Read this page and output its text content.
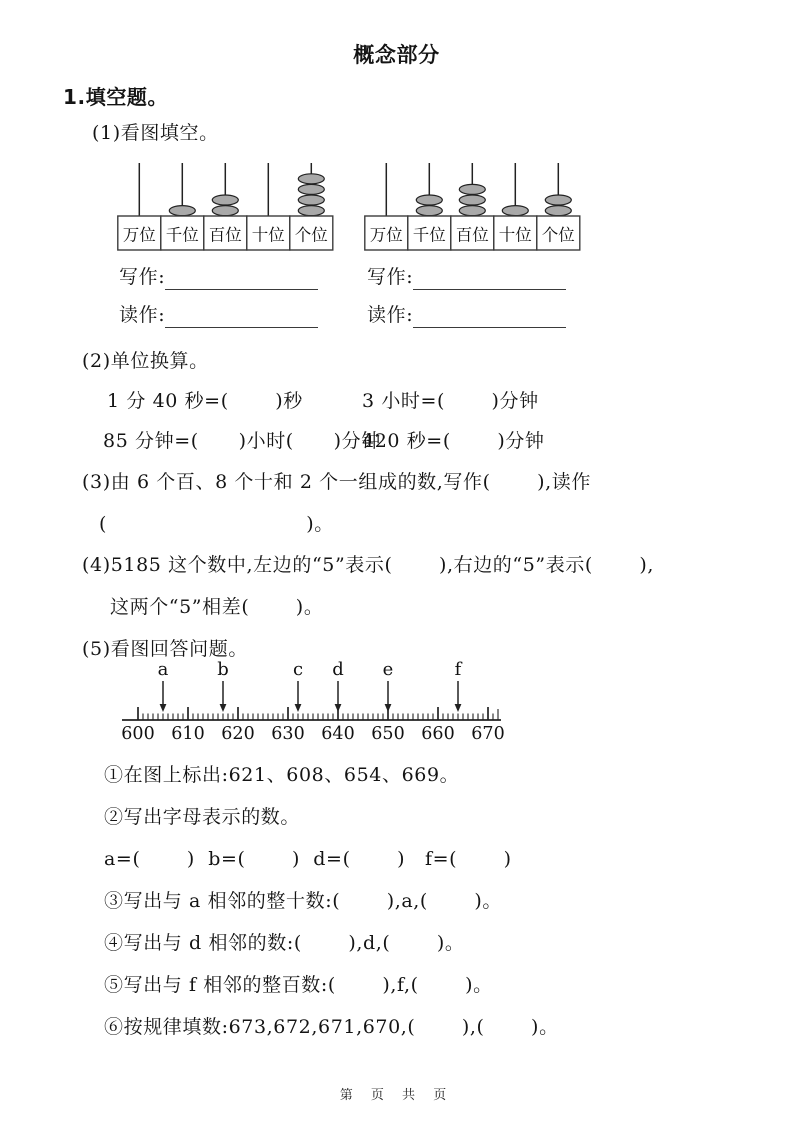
概念部分
1.填空题。
(1)看图填空。
万位 千位 百位 十位 个位	万位 千位 百位 十位 个位
写作:
读作:
写作:
读作:
(2)单位换算。
1 分 40 秒=(       )秒	3 小时=(       )分钟
85 分钟=(      )小时(      )分钟
420 秒=(       )分钟
(3)由 6 个百、8 个十和 2 个一组成的数,写作(       ),读作
(                              )。
(4)5185 这个数中,左边的“5”表示(       ),右边的“5”表示(       ),
这两个“5”相差(       )。
(5)看图回答问题。
600 610 620 630 640 650 660 670
a	b	c d e	f
①在图上标出:621、608、654、669。
②写出字母表示的数。
a=(       )  b=(       )  d=(       )   f=(       )
③写出与 a 相邻的整十数:(       ),a,(       )。
④写出与 d 相邻的数:(       ),d,(       )。
⑤写出与 f 相邻的整百数:(       ),f,(       )。
⑥按规律填数:673,672,671,670,(       ),(       )。
第 页 共 页
